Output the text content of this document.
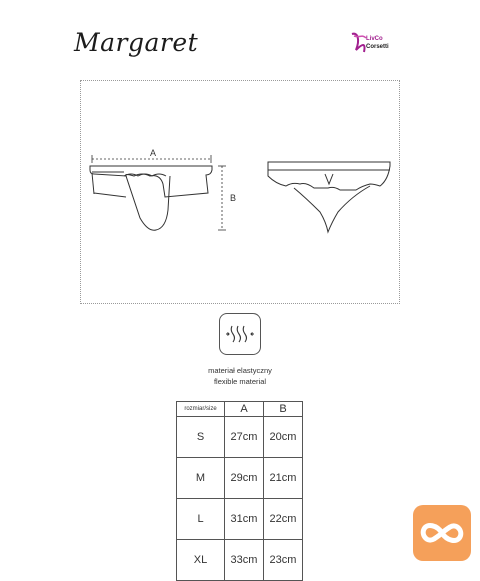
Margaret	LivCo
Corsetti
A
B
materiał elastyczny
flexible material
rozmiar/size	A	B
S	27cm	20cm
M	29cm	21cm
L	31cm	22cm
XL	33cm	23cm
